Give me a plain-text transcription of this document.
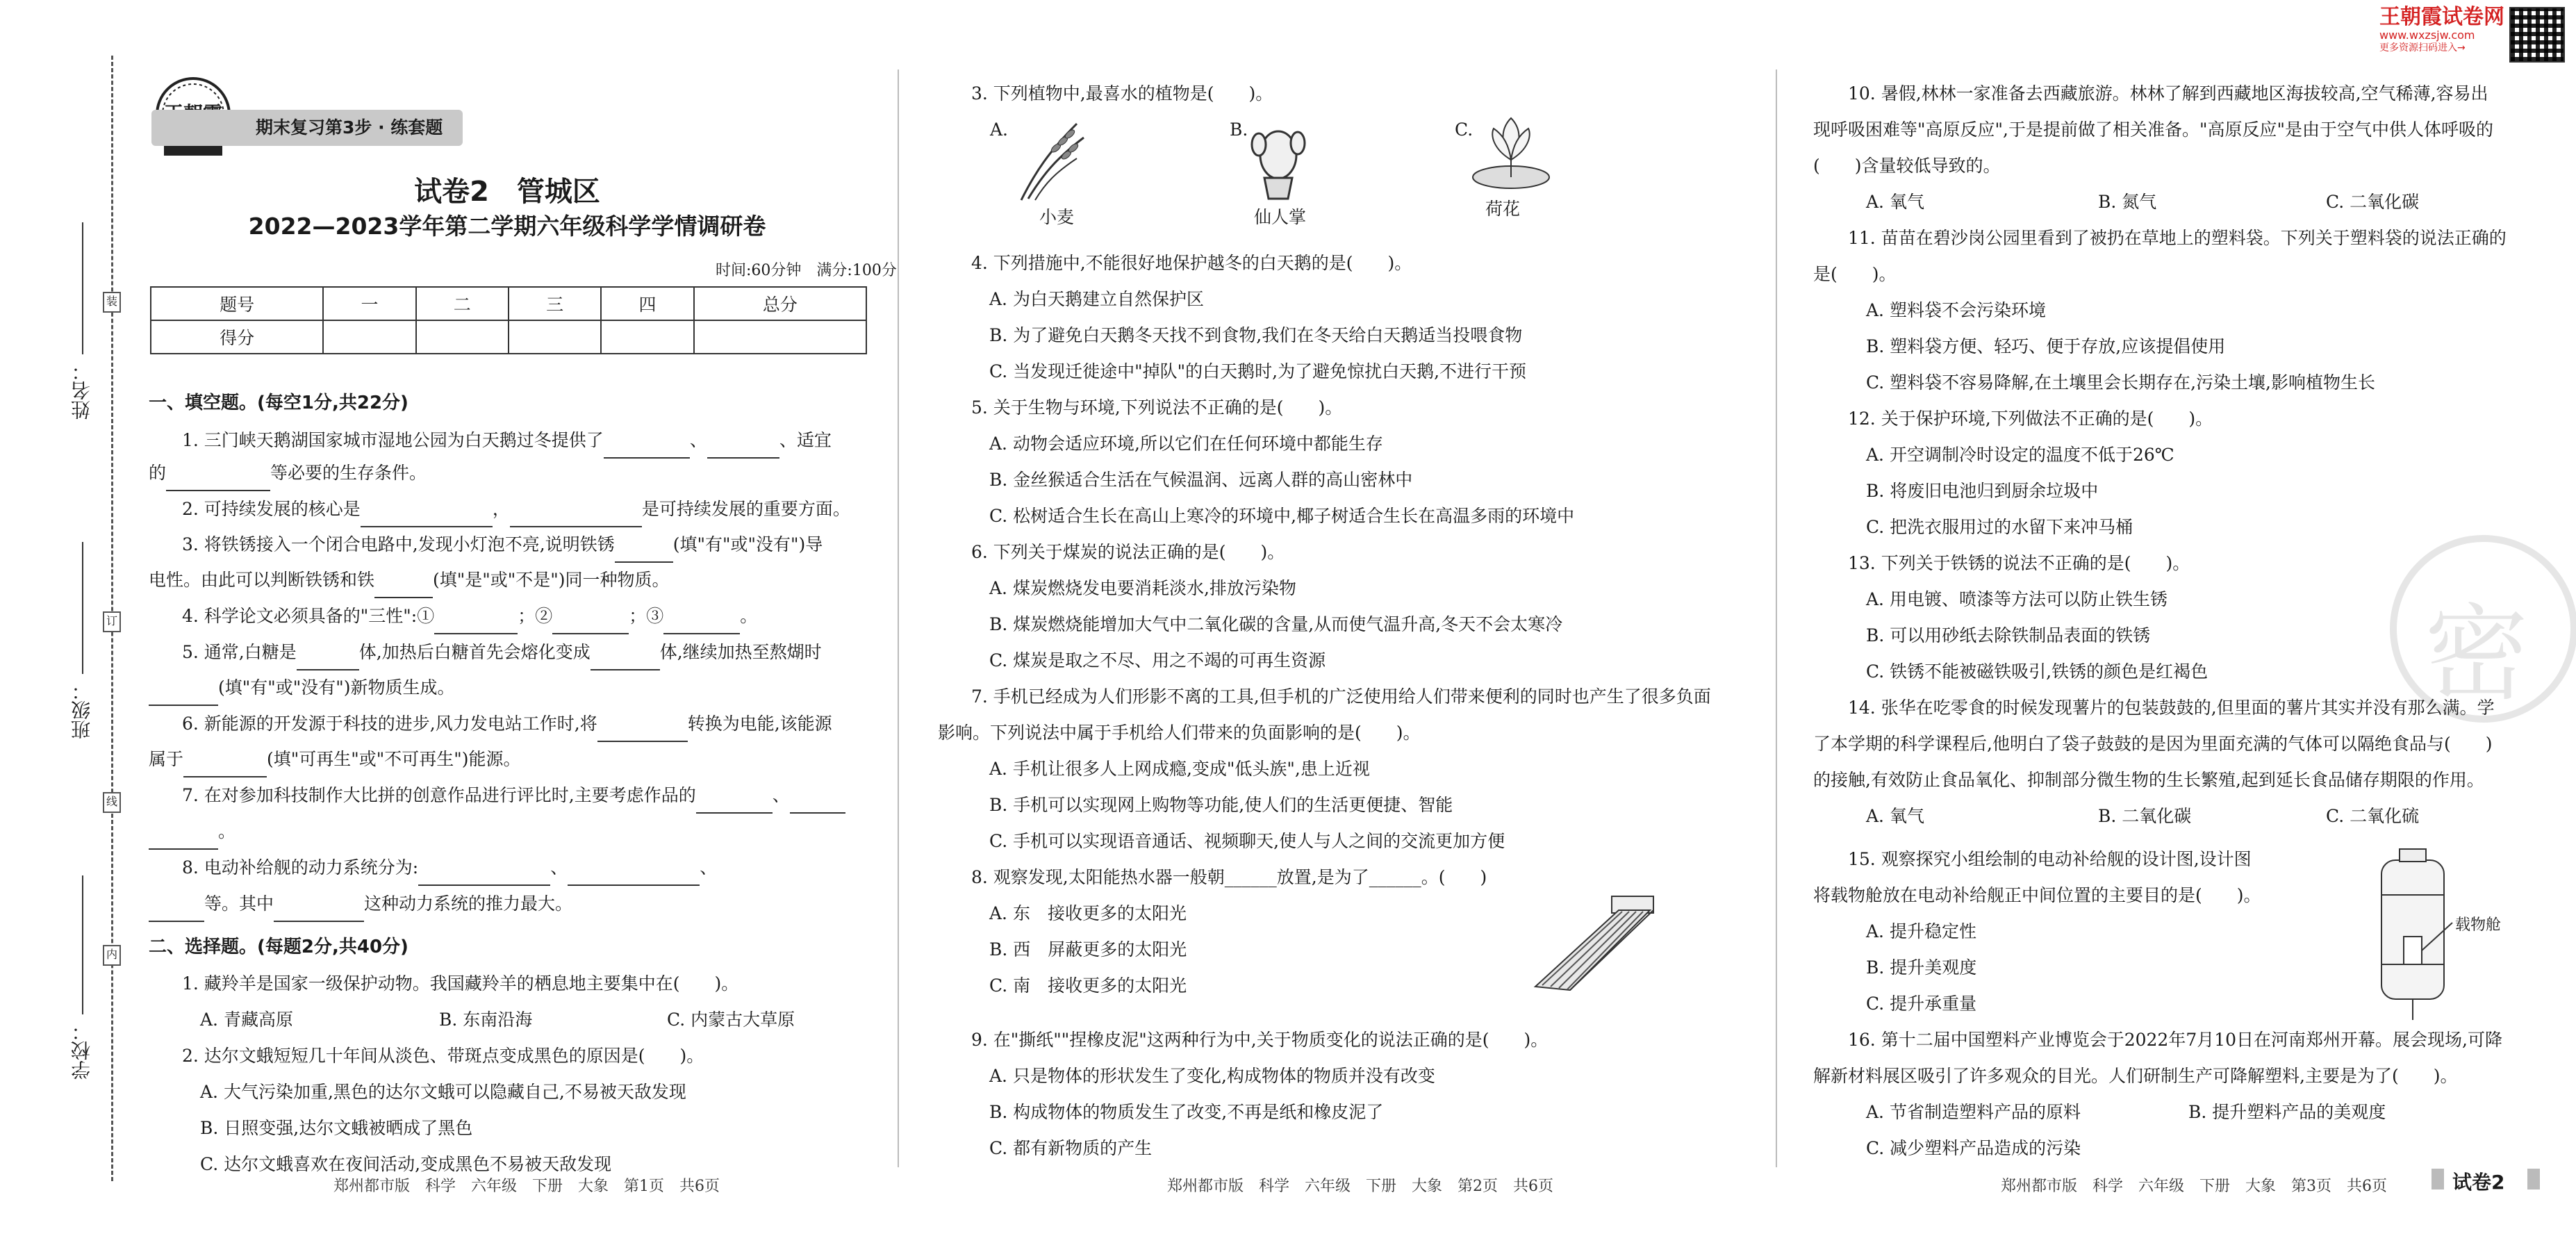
王朝霞试卷网
www.wxzsjw.com
更多资源扫码进入→
密
装
订
线
内
姓名：
班级：
学校：
期末复习第3步 · 练套题
试卷2　管城区
2022—2023学年第二学期六年级科学学情调研卷
时间:60分钟　满分:100分
题号	一	二	三	四	总分
得分					
一、填空题。(每空1分,共22分)
1. 三门峡天鹅湖国家城市湿地公园为白天鹅过冬提供了	、	、适宜
的	等必要的生存条件。
2. 可持续发展的核心是	，	是可持续发展的重要方面。
3. 将铁锈接入一个闭合电路中,发现小灯泡不亮,说明铁锈	(填"有"或"没有")导
电性。由此可以判断铁锈和铁	(填"是"或"不是")同一种物质。
4. 科学论文必须具备的"三性":①	；②	；③	。
5. 通常,白糖是	体,加热后白糖首先会熔化变成	体,继续加热至熬煳时
(填"有"或"没有")新物质生成。
6. 新能源的开发源于科技的进步,风力发电站工作时,将	转换为电能,该能源
属于	(填"可再生"或"不可再生")能源。
7. 在对参加科技制作大比拼的创意作品进行评比时,主要考虑作品的	、
。
8. 电动补给舰的动力系统分为:	、	、
等。其中	这种动力系统的推力最大。
二、选择题。(每题2分,共40分)
1. 藏羚羊是国家一级保护动物。我国藏羚羊的栖息地主要集中在(　　)。
A. 青藏高原	B. 东南沿海	C. 内蒙古大草原
2. 达尔文蛾短短几十年间从淡色、带斑点变成黑色的原因是(　　)。
A. 大气污染加重,黑色的达尔文蛾可以隐藏自己,不易被天敌发现
B. 日照变强,达尔文蛾被晒成了黑色
C. 达尔文蛾喜欢在夜间活动,变成黑色不易被天敌发现
郑州都市版　科学　六年级　下册　大象　第1页　共6页
3. 下列植物中,最喜水的植物是(　　)。
A.
小麦
B.
仙人掌
C.
荷花
4. 下列措施中,不能很好地保护越冬的白天鹅的是(　　)。
A. 为白天鹅建立自然保护区
B. 为了避免白天鹅冬天找不到食物,我们在冬天给白天鹅适当投喂食物
C. 当发现迁徙途中"掉队"的白天鹅时,为了避免惊扰白天鹅,不进行干预
5. 关于生物与环境,下列说法不正确的是(　　)。
A. 动物会适应环境,所以它们在任何环境中都能生存
B. 金丝猴适合生活在气候温润、远离人群的高山密林中
C. 松树适合生长在高山上寒冷的环境中,椰子树适合生长在高温多雨的环境中
6. 下列关于煤炭的说法正确的是(　　)。
A. 煤炭燃烧发电要消耗淡水,排放污染物
B. 煤炭燃烧能增加大气中二氧化碳的含量,从而使气温升高,冬天不会太寒冷
C. 煤炭是取之不尽、用之不竭的可再生资源
7. 手机已经成为人们形影不离的工具,但手机的广泛使用给人们带来便利的同时也产生了很多负面
影响。下列说法中属于手机给人们带来的负面影响的是(　　)。
A. 手机让很多人上网成瘾,变成"低头族",患上近视
B. 手机可以实现网上购物等功能,使人们的生活更便捷、智能
C. 手机可以实现语音通话、视频聊天,使人与人之间的交流更加方便
8. 观察发现,太阳能热水器一般朝______放置,是为了______。(　　)
A. 东　接收更多的太阳光
B. 西　屏蔽更多的太阳光
C. 南　接收更多的太阳光
9. 在"撕纸""捏橡皮泥"这两种行为中,关于物质变化的说法正确的是(　　)。
A. 只是物体的形状发生了变化,构成物体的物质并没有改变
B. 构成物体的物质发生了改变,不再是纸和橡皮泥了
C. 都有新物质的产生
郑州都市版　科学　六年级　下册　大象　第2页　共6页
10. 暑假,林林一家准备去西藏旅游。林林了解到西藏地区海拔较高,空气稀薄,容易出
现呼吸困难等"高原反应",于是提前做了相关准备。"高原反应"是由于空气中供人体呼吸的
(　　)含量较低导致的。
A. 氧气	B. 氮气	C. 二氧化碳
11. 苗苗在碧沙岗公园里看到了被扔在草地上的塑料袋。下列关于塑料袋的说法正确的
是(　　)。
A. 塑料袋不会污染环境
B. 塑料袋方便、轻巧、便于存放,应该提倡使用
C. 塑料袋不容易降解,在土壤里会长期存在,污染土壤,影响植物生长
12. 关于保护环境,下列做法不正确的是(　　)。
A. 开空调制冷时设定的温度不低于26℃
B. 将废旧电池归到厨余垃圾中
C. 把洗衣服用过的水留下来冲马桶
13. 下列关于铁锈的说法不正确的是(　　)。
A. 用电镀、喷漆等方法可以防止铁生锈
B. 可以用砂纸去除铁制品表面的铁锈
C. 铁锈不能被磁铁吸引,铁锈的颜色是红褐色
14. 张华在吃零食的时候发现薯片的包装鼓鼓的,但里面的薯片其实并没有那么满。学
了本学期的科学课程后,他明白了袋子鼓鼓的是因为里面充满的气体可以隔绝食品与(　　)
的接触,有效防止食品氧化、抑制部分微生物的生长繁殖,起到延长食品储存期限的作用。
A. 氧气	B. 二氧化碳	C. 二氧化硫
15. 观察探究小组绘制的电动补给舰的设计图,设计图
将载物舱放在电动补给舰正中间位置的主要目的是(　　)。
A. 提升稳定性
B. 提升美观度
C. 提升承重量
载物舱
16. 第十二届中国塑料产业博览会于2022年7月10日在河南郑州开幕。展会现场,可降
解新材料展区吸引了许多观众的目光。人们研制生产可降解塑料,主要是为了(　　)。
A. 节省制造塑料产品的原料	B. 提升塑料产品的美观度
C. 减少塑料产品造成的污染
郑州都市版　科学　六年级　下册　大象　第3页　共6页	试卷2
